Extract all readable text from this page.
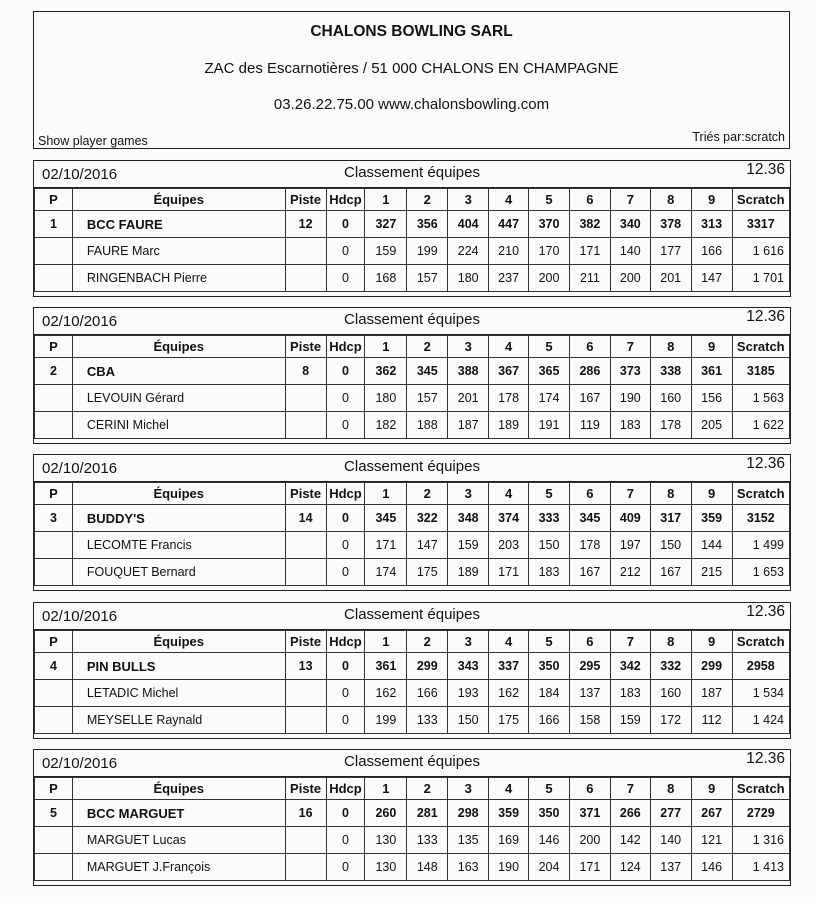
CHALONS BOWLING SARL
ZAC des Escarnotières / 51 000 CHALONS EN CHAMPAGNE
03.26.22.75.00 www.chalonsbowling.com
Show player games	Triés par:scratch
02/10/2016	Classement équipes	12.36
P	Équipes	Piste	Hdcp	1	2	3	4	5	6	7	8	9	Scratch
1	BCC FAURE	12	0	327	356	404	447	370	382	340	378	313	3317
	FAURE Marc		0	159	199	224	210	170	171	140	177	166	1 616
	RINGENBACH Pierre		0	168	157	180	237	200	211	200	201	147	1 701
02/10/2016	Classement équipes	12.36
P	Équipes	Piste	Hdcp	1	2	3	4	5	6	7	8	9	Scratch
2	CBA	8	0	362	345	388	367	365	286	373	338	361	3185
	LEVOUIN Gérard		0	180	157	201	178	174	167	190	160	156	1 563
	CERINI Michel		0	182	188	187	189	191	119	183	178	205	1 622
02/10/2016	Classement équipes	12.36
P	Équipes	Piste	Hdcp	1	2	3	4	5	6	7	8	9	Scratch
3	BUDDY'S	14	0	345	322	348	374	333	345	409	317	359	3152
	LECOMTE Francis		0	171	147	159	203	150	178	197	150	144	1 499
	FOUQUET Bernard		0	174	175	189	171	183	167	212	167	215	1 653
02/10/2016	Classement équipes	12.36
P	Équipes	Piste	Hdcp	1	2	3	4	5	6	7	8	9	Scratch
4	PIN BULLS	13	0	361	299	343	337	350	295	342	332	299	2958
	LETADIC Michel		0	162	166	193	162	184	137	183	160	187	1 534
	MEYSELLE Raynald		0	199	133	150	175	166	158	159	172	112	1 424
02/10/2016	Classement équipes	12.36
P	Équipes	Piste	Hdcp	1	2	3	4	5	6	7	8	9	Scratch
5	BCC MARGUET	16	0	260	281	298	359	350	371	266	277	267	2729
	MARGUET Lucas		0	130	133	135	169	146	200	142	140	121	1 316
	MARGUET J.François		0	130	148	163	190	204	171	124	137	146	1 413
